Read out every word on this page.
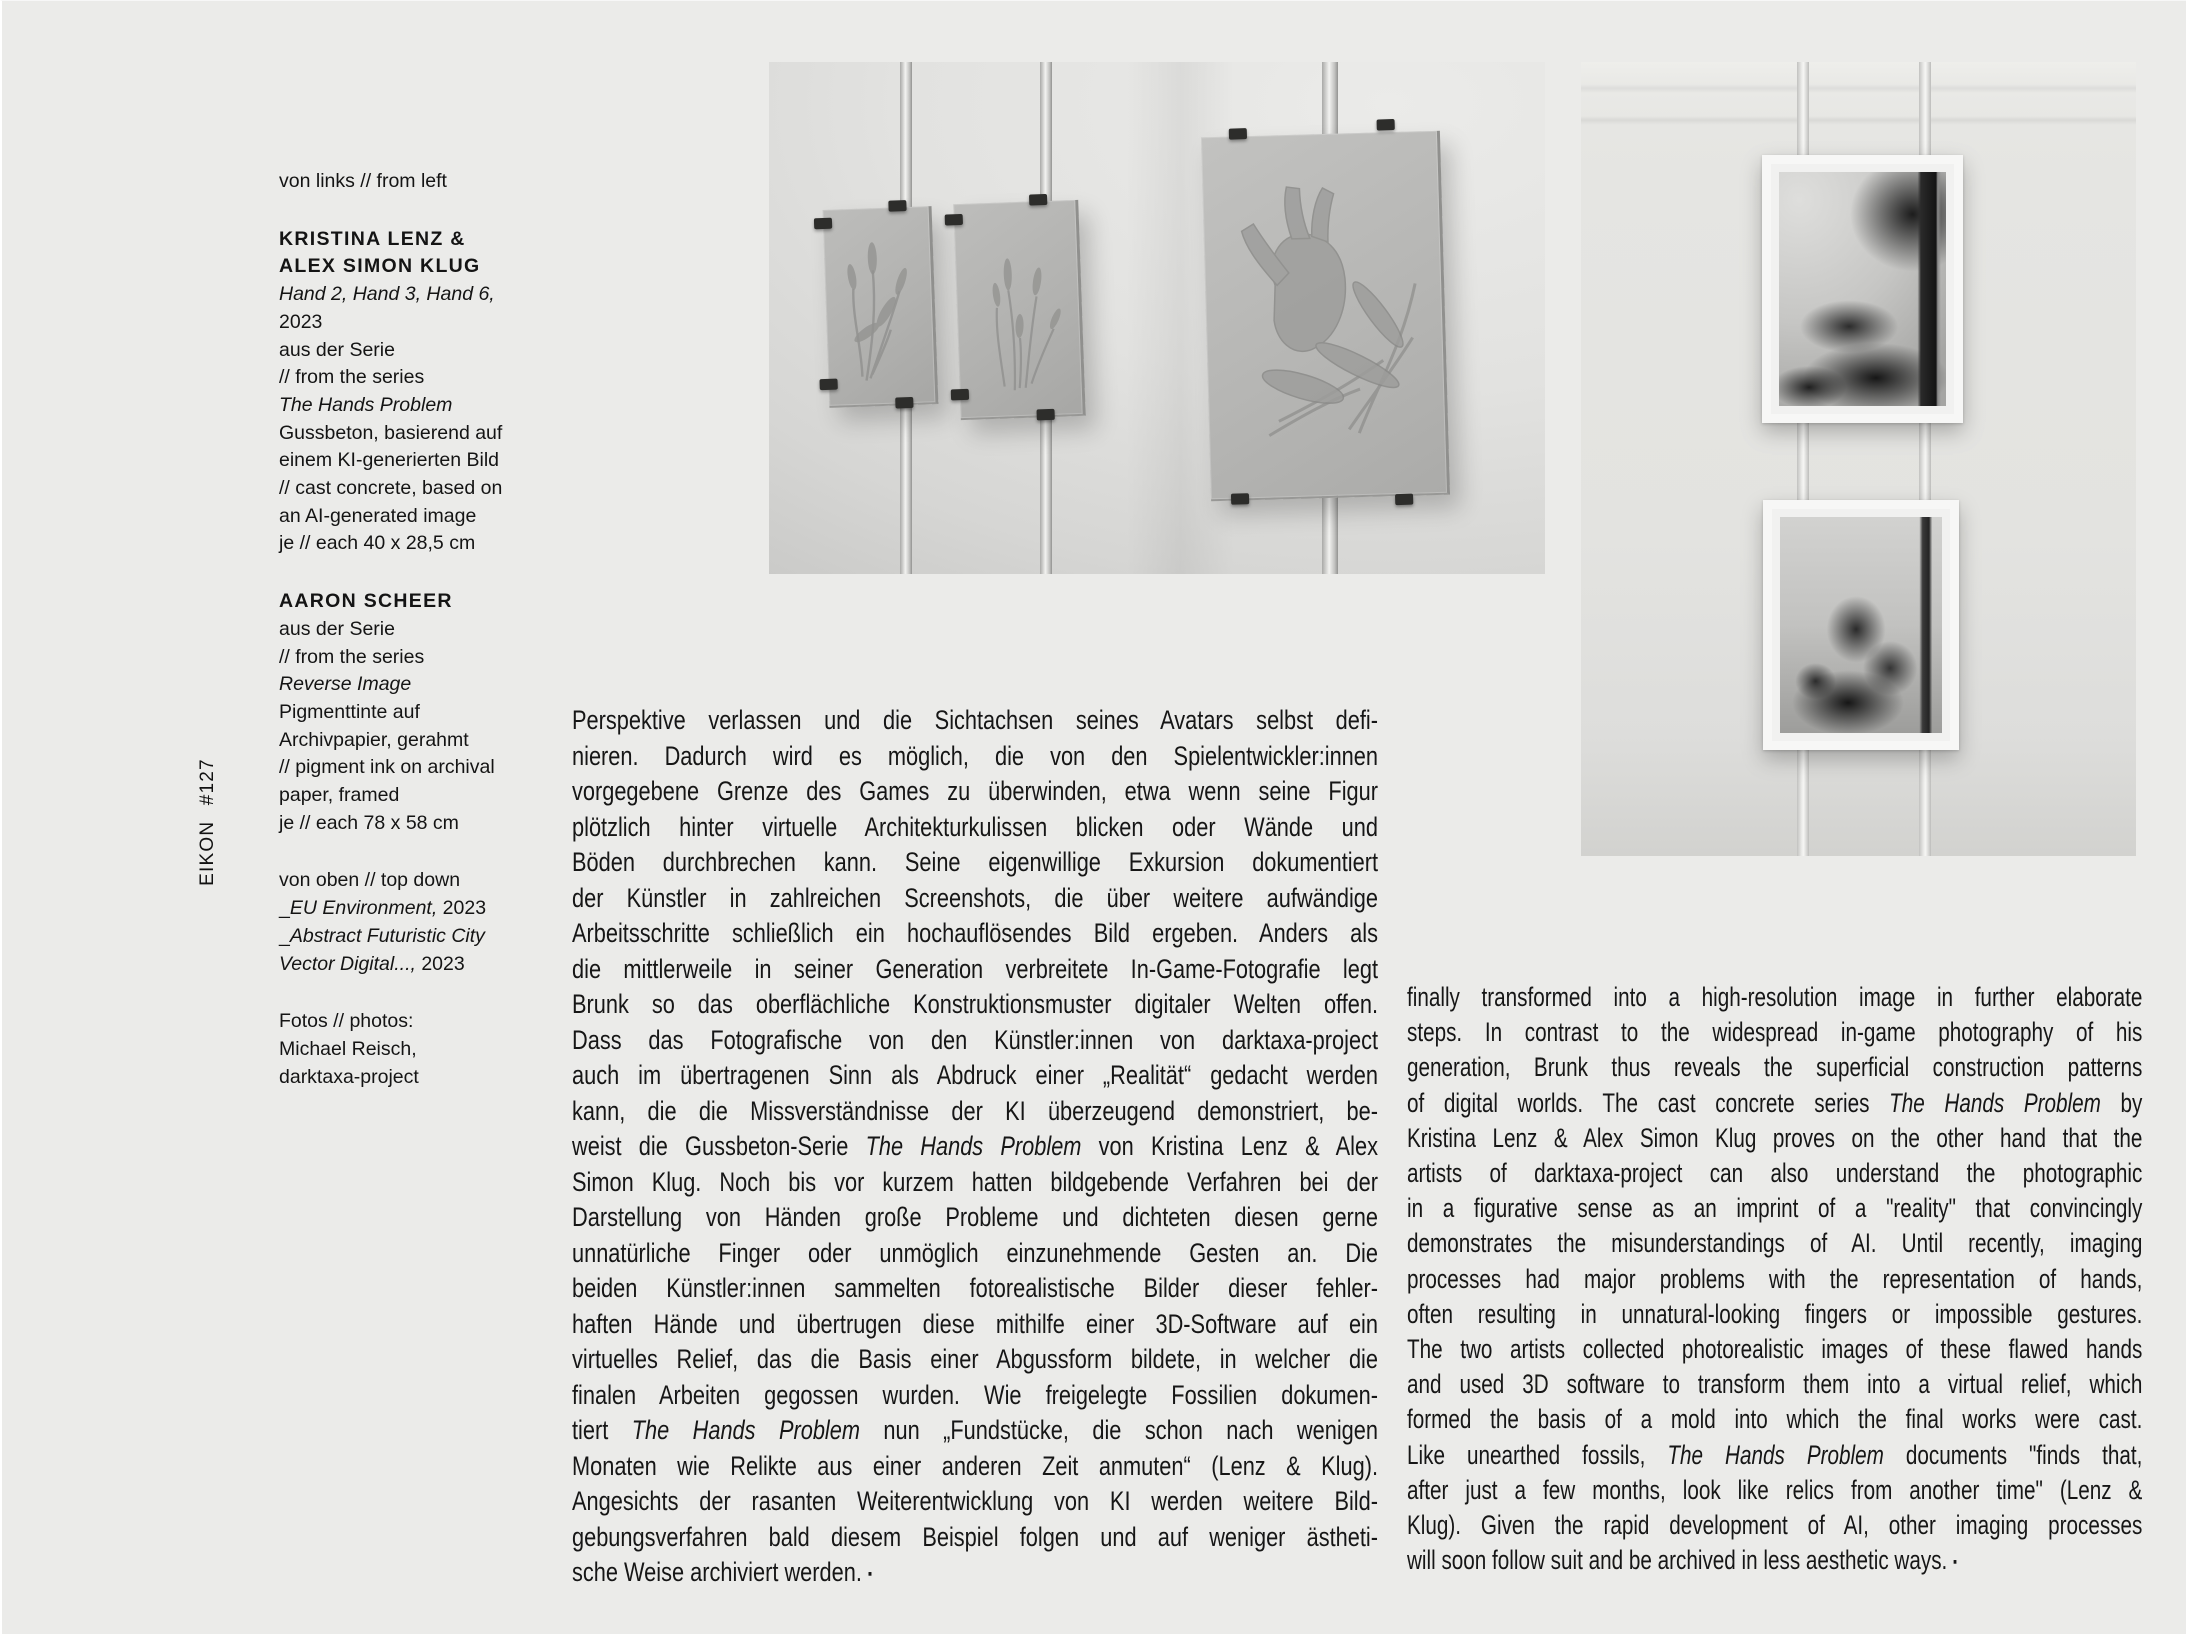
EIKON #127
von links // from left
KRISTINA LENZ &
ALEX SIMON KLUG
Hand 2, Hand 3, Hand 6,
2023
aus der Serie
// from the series
The Hands Problem
Gussbeton, basierend auf
einem KI-generierten Bild
// cast concrete, based on
an AI-generated image
je // each 40 x 28,5 cm
AARON SCHEER
aus der Serie
// from the series
Reverse Image
Pigmenttinte auf
Archivpapier, gerahmt
// pigment ink on archival
paper, framed
je // each 78 x 58 cm
von oben // top down
_EU Environment, 2023
_Abstract Futuristic City
Vector Digital..., 2023
Fotos // photos:
Michael Reisch,
darktaxa-project
Perspektive verlassen und die Sichtachsen seines Avatars selbst defi-
nieren. Dadurch wird es möglich, die von den Spielentwickler:innen
vorgegebene Grenze des Games zu überwinden, etwa wenn seine Figur
plötzlich hinter virtuelle Architekturkulissen blicken oder Wände und
Böden durchbrechen kann. Seine eigenwillige Exkursion dokumentiert
der Künstler in zahlreichen Screenshots, die über weitere aufwändige
Arbeitsschritte schließlich ein hochauflösendes Bild ergeben. Anders als
die mittlerweile in seiner Generation verbreitete In-Game-Fotografie legt
Brunk so das oberflächliche Konstruktionsmuster digitaler Welten offen.
Dass das Fotografische von den Künstler:innen von darktaxa-project
auch im übertragenen Sinn als Abdruck einer „Realität“ gedacht werden
kann, die die Missverständnisse der KI überzeugend demonstriert, be-
weist die Gussbeton-Serie The Hands Problem von Kristina Lenz & Alex
Simon Klug. Noch bis vor kurzem hatten bildgebende Verfahren bei der
Darstellung von Händen große Probleme und dichteten diesen gerne
unnatürliche Finger oder unmöglich einzunehmende Gesten an. Die
beiden Künstler:innen sammelten fotorealistische Bilder dieser fehler-
haften Hände und übertrugen diese mithilfe einer 3D-Software auf ein
virtuelles Relief, das die Basis einer Abgussform bildete, in welcher die
finalen Arbeiten gegossen wurden. Wie freigelegte Fossilien dokumen-
tiert The Hands Problem nun „Fundstücke, die schon nach wenigen
Monaten wie Relikte aus einer anderen Zeit anmuten“ (Lenz & Klug).
Angesichts der rasanten Weiterentwicklung von KI werden weitere Bild-
gebungsverfahren bald diesem Beispiel folgen und auf weniger ästheti-
sche Weise archiviert werden. ▪
finally transformed into a high-resolution image in further elaborate
steps. In contrast to the widespread in-game photography of his
generation, Brunk thus reveals the superficial construction patterns
of digital worlds. The cast concrete series The Hands Problem by
Kristina Lenz & Alex Simon Klug proves on the other hand that the
artists of darktaxa-project can also understand the photographic
in a figurative sense as an imprint of a "reality" that convincingly
demonstrates the misunderstandings of AI. Until recently, imaging
processes had major problems with the representation of hands,
often resulting in unnatural-looking fingers or impossible gestures.
The two artists collected photorealistic images of these flawed hands
and used 3D software to transform them into a virtual relief, which
formed the basis of a mold into which the final works were cast.
Like unearthed fossils, The Hands Problem documents "finds that,
after just a few months, look like relics from another time" (Lenz &
Klug). Given the rapid development of AI, other imaging processes
will soon follow suit and be archived in less aesthetic ways. ▪
